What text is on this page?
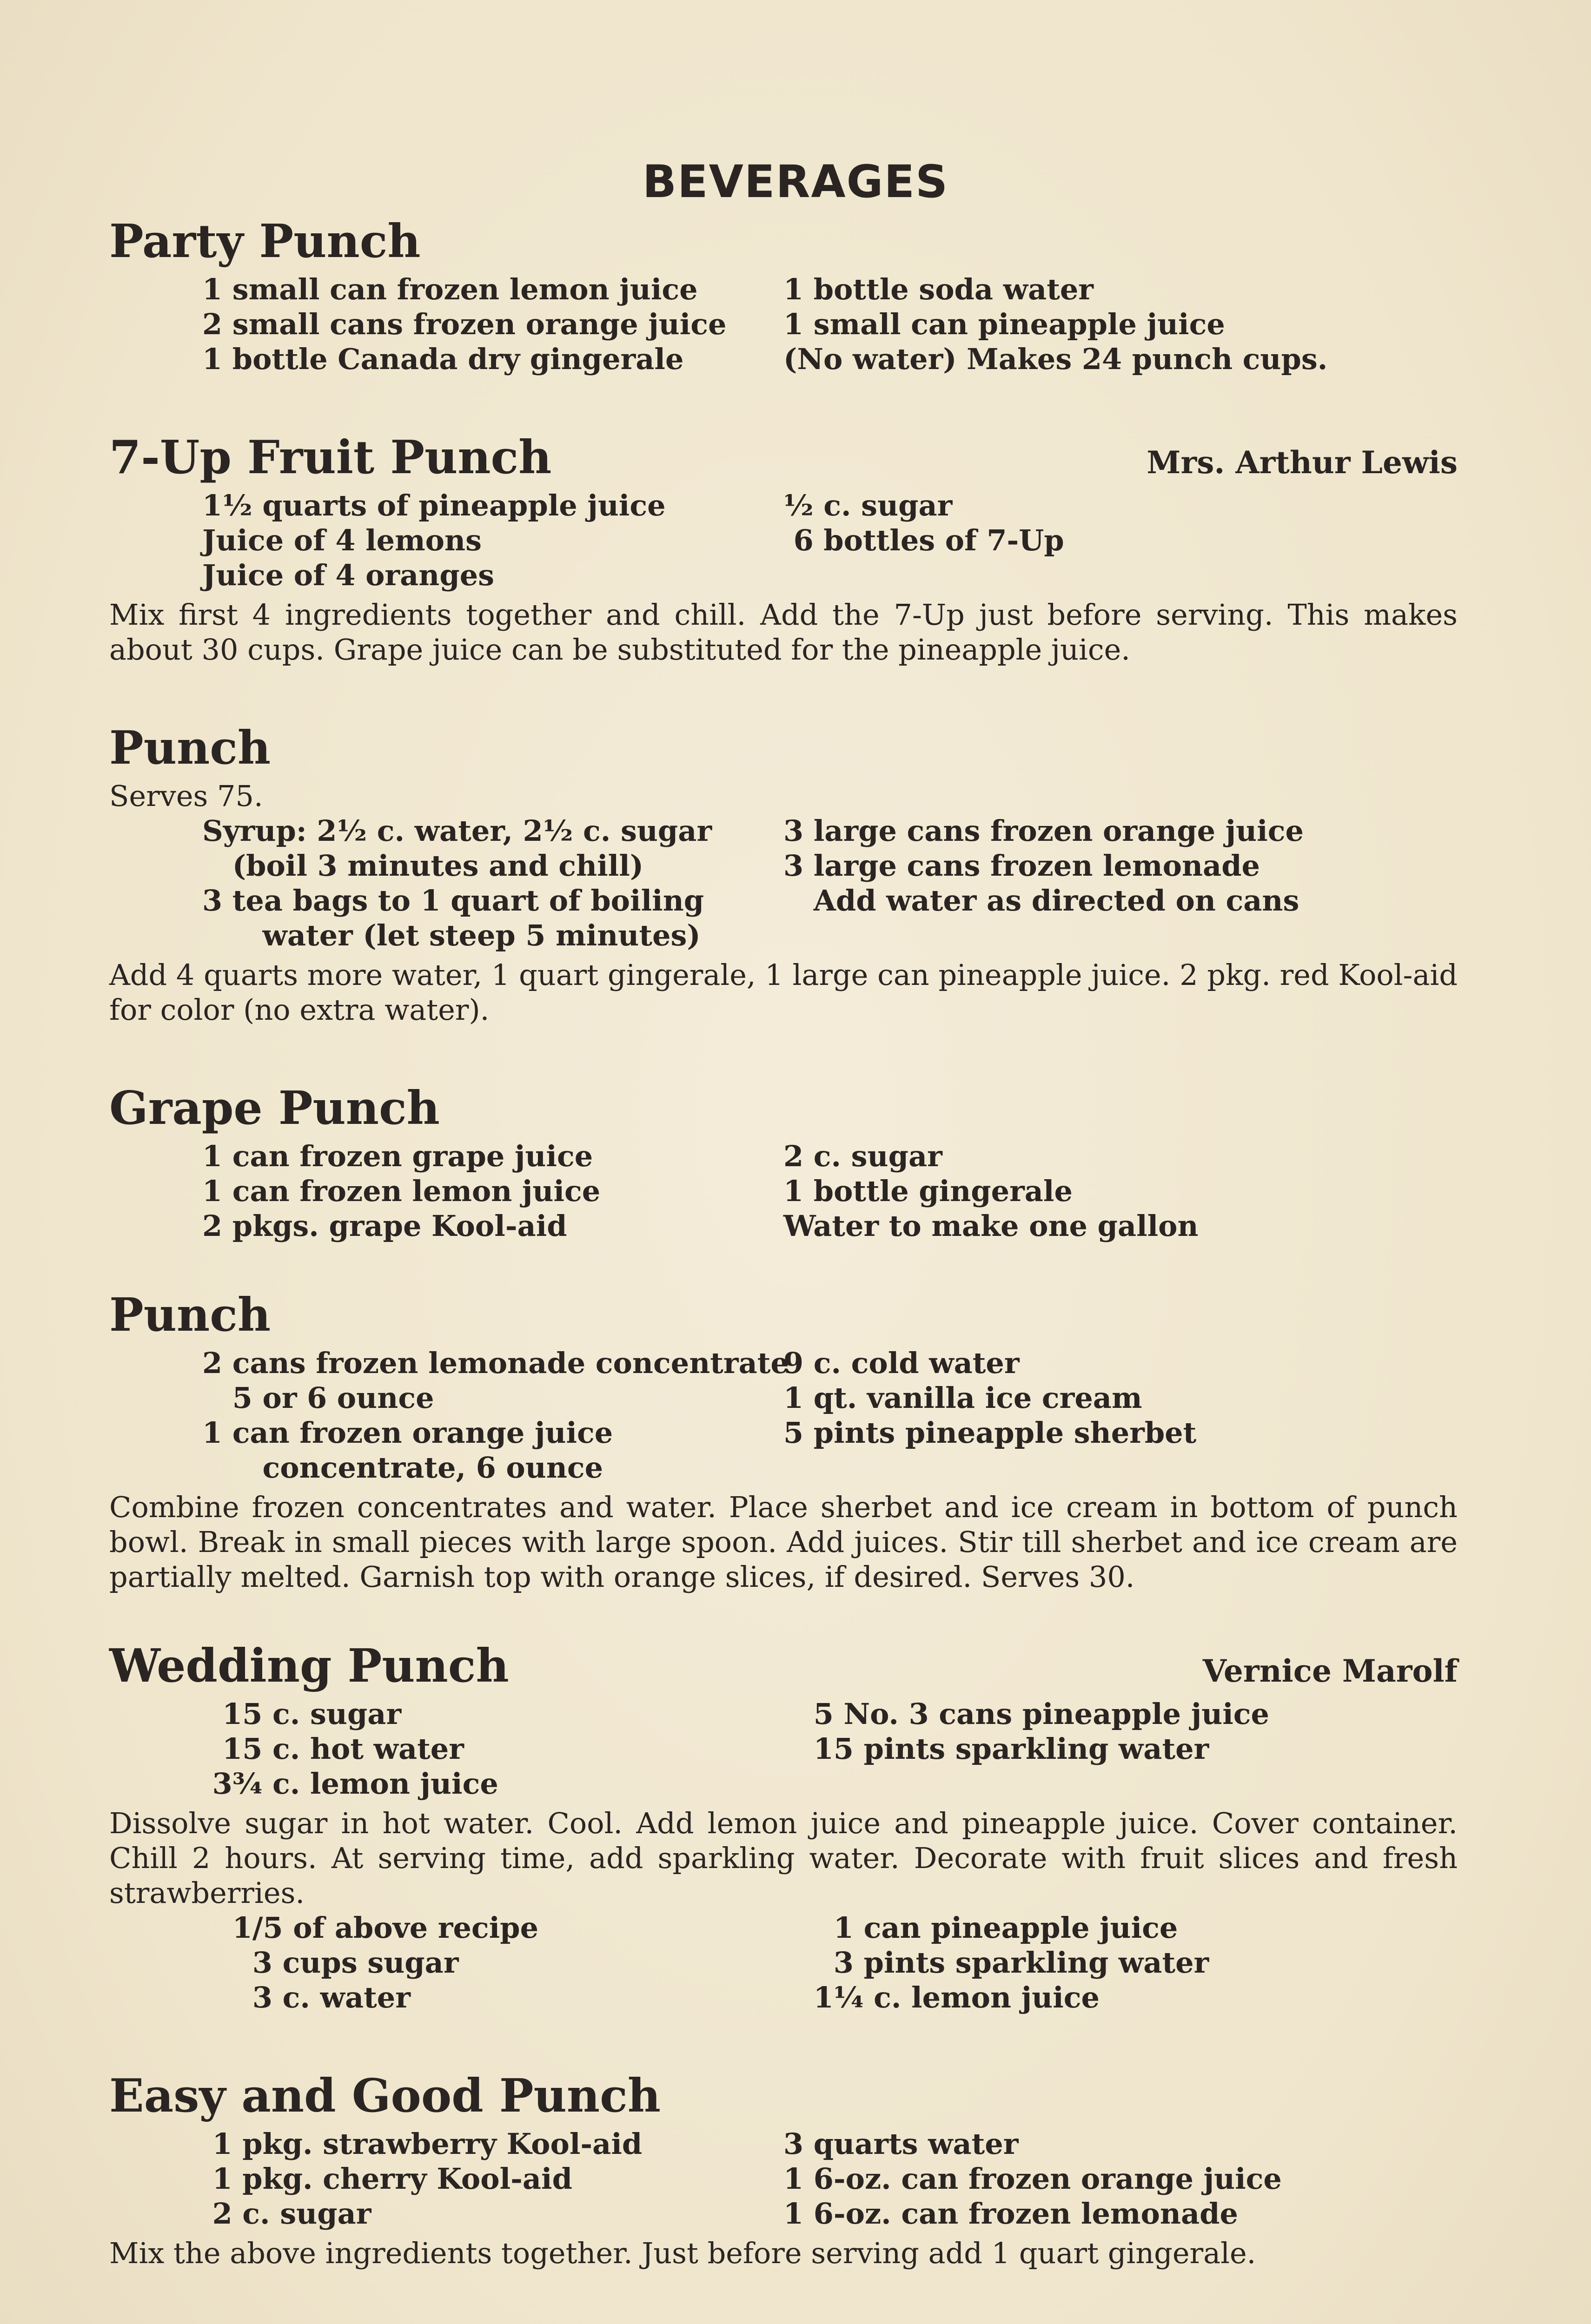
BEVERAGES
Party Punch
1 small can frozen lemon juice
2 small cans frozen orange juice
1 bottle Canada dry gingerale
1 bottle soda water
1 small can pineapple juice
(No water) Makes 24 punch cups.
7-Up Fruit Punch	Mrs. Arthur Lewis
1½ quarts of pineapple juice
Juice of 4 lemons
Juice of 4 oranges
½ c. sugar
6 bottles of 7-Up
Mix first 4 ingredients together and chill. Add the 7-Up just before serving. This makes about 30 cups. Grape juice can be substituted for the pineapple juice.
Punch
Serves 75.
Syrup: 2½ c. water, 2½ c. sugar
(boil 3 minutes and chill)
3 tea bags to 1 quart of boiling
water (let steep 5 minutes)
3 large cans frozen orange juice
3 large cans frozen lemonade
Add water as directed on cans
Add 4 quarts more water, 1 quart gingerale, 1 large can pineapple juice. 2 pkg. red Kool-aid for color (no extra water).
Grape Punch
1 can frozen grape juice
1 can frozen lemon juice
2 pkgs. grape Kool-aid
2 c. sugar
1 bottle gingerale
Water to make one gallon
Punch
2 cans frozen lemonade concentrate
5 or 6 ounce
1 can frozen orange juice
concentrate, 6 ounce
9 c. cold water
1 qt. vanilla ice cream
5 pints pineapple sherbet
Combine frozen concentrates and water. Place sherbet and ice cream in bottom of punch bowl. Break in small pieces with large spoon. Add juices. Stir till sherbet and ice cream are partially melted. Garnish top with orange slices, if desired. Serves 30.
Wedding Punch	Vernice Marolf
15 c. sugar
15 c. hot water
3¾ c. lemon juice
5 No. 3 cans pineapple juice
15 pints sparkling water
Dissolve sugar in hot water. Cool. Add lemon juice and pineapple juice. Cover container. Chill 2 hours. At serving time, add sparkling water. Decorate with fruit slices and fresh strawberries.
1/5 of above recipe
3 cups sugar
3 c. water
1 can pineapple juice
3 pints sparkling water
1¼ c. lemon juice
Easy and Good Punch
1 pkg. strawberry Kool-aid
1 pkg. cherry Kool-aid
2 c. sugar
3 quarts water
1 6-oz. can frozen orange juice
1 6-oz. can frozen lemonade
Mix the above ingredients together. Just before serving add 1 quart gingerale.
